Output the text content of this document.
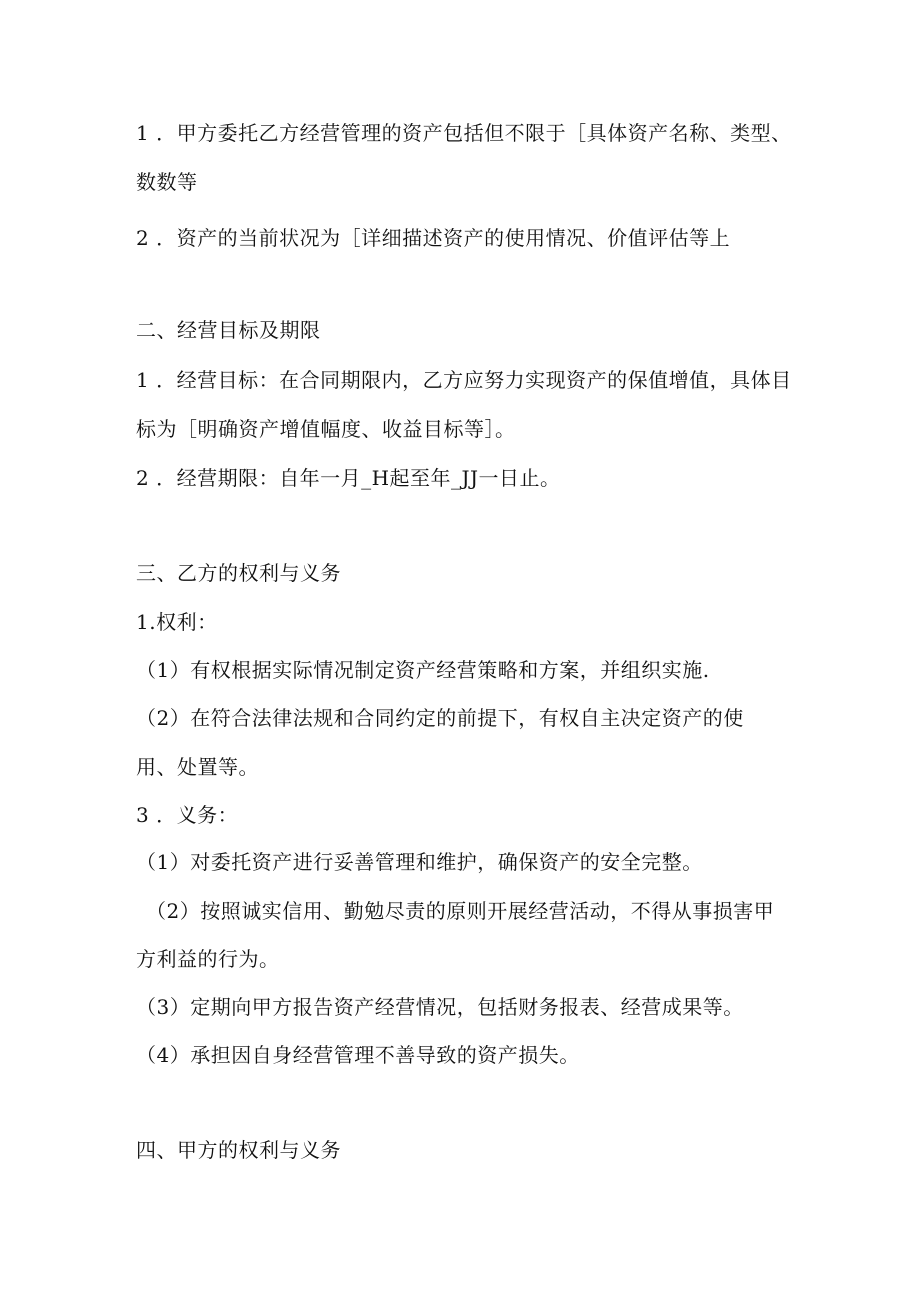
1 ．甲方委托乙方经营管理的资产包括但不限于［具体资产名称、类型、
数数等
2 ．资产的当前状况为［详细描述资产的使用情况、价值评估等上
二、经营目标及期限
1 ．经营目标：在合同期限内，乙方应努力实现资产的保值增值，具体目
标为［明确资产增值幅度、收益目标等］。
2 ．经营期限：自年一月_H起至年_JJ一日止。
三、乙方的权利与义务
1.权利：
（1）有权根据实际情况制定资产经营策略和方案，并组织实施.
（2）在符合法律法规和合同约定的前提下，有权自主决定资产的使
用、处置等。
3 ．义务：
（1）对委托资产进行妥善管理和维护，确保资产的安全完整。
（2）按照诚实信用、勤勉尽责的原则开展经营活动，不得从事损害甲
方利益的行为。
（3）定期向甲方报告资产经营情况，包括财务报表、经营成果等。
（4）承担因自身经营管理不善导致的资产损失。
四、甲方的权利与义务
